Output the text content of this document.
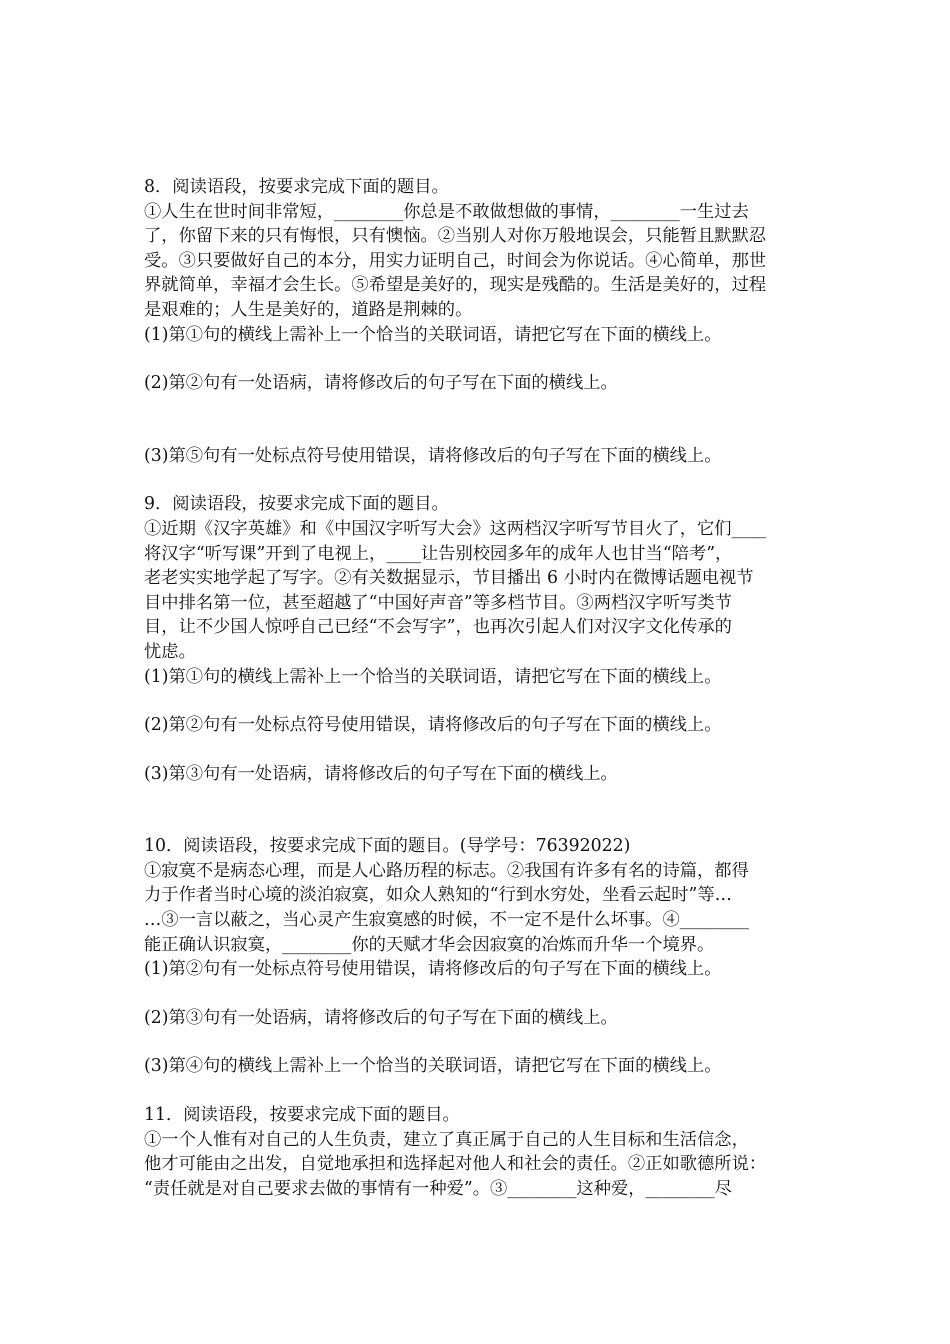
8．阅读语段，按要求完成下面的题目。

①人生在世时间非常短，________你总是不敢做想做的事情，________一生过去

了，你留下来的只有悔恨，只有懊恼。②当别人对你万般地误会，只能暂且默默忍

受。③只要做好自己的本分，用实力证明自己，时间会为你说话。④心简单，那世

界就简单，幸福才会生长。⑤希望是美好的，现实是残酷的。生活是美好的，过程

是艰难的；人生是美好的，道路是荆棘的。

(1)第①句的横线上需补上一个恰当的关联词语，请把它写在下面的横线上。

(2)第②句有一处语病，请将修改后的句子写在下面的横线上。

(3)第⑤句有一处标点符号使用错误，请将修改后的句子写在下面的横线上。

9．阅读语段，按要求完成下面的题目。

①近期《汉字英雄》和《中国汉字听写大会》这两档汉字听写节目火了，它们____

将汉字“听写课”开到了电视上，____让告别校园多年的成年人也甘当“陪考”，

老老实实地学起了写字。②有关数据显示，节目播出 6 小时内在微博话题电视节

目中排名第一位，甚至超越了“中国好声音”等多档节目。③两档汉字听写类节

目，让不少国人惊呼自己已经“不会写字”，也再次引起人们对汉字文化传承的

忧虑。

(1)第①句的横线上需补上一个恰当的关联词语，请把它写在下面的横线上。

(2)第②句有一处标点符号使用错误，请将修改后的句子写在下面的横线上。

(3)第③句有一处语病，请将修改后的句子写在下面的横线上。

10．阅读语段，按要求完成下面的题目。(导学号：76392022)

①寂寞不是病态心理，而是人心路历程的标志。②我国有许多有名的诗篇，都得

力于作者当时心境的淡泊寂寞，如众人熟知的“行到水穷处，坐看云起时”等…

…③一言以蔽之，当心灵产生寂寞感的时候，不一定不是什么坏事。④________

能正确认识寂寞，________你的天赋才华会因寂寞的冶炼而升华一个境界。

(1)第②句有一处标点符号使用错误，请将修改后的句子写在下面的横线上。

(2)第③句有一处语病，请将修改后的句子写在下面的横线上。

(3)第④句的横线上需补上一个恰当的关联词语，请把它写在下面的横线上。

11．阅读语段，按要求完成下面的题目。

①一个人惟有对自己的人生负责，建立了真正属于自己的人生目标和生活信念，

他才可能由之出发，自觉地承担和选择起对他人和社会的责任。②正如歌德所说：

“责任就是对自己要求去做的事情有一种爱”。③________这种爱，________尽
